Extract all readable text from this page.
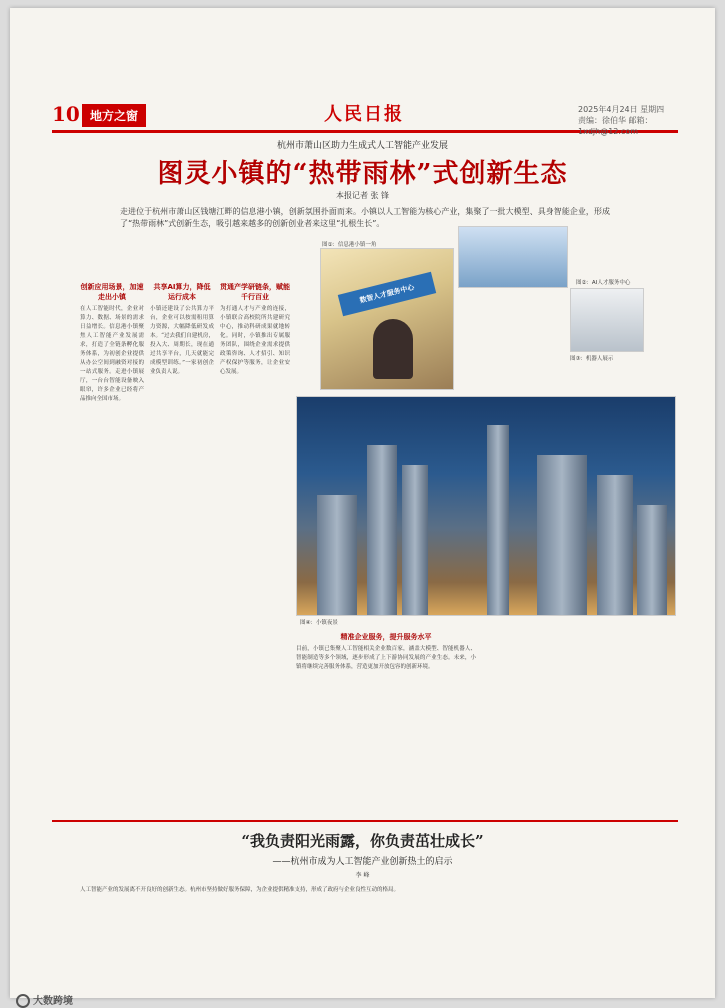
10 地方之窗	人民日报	2025年4月24日 星期四
责编：徐伯华 邮箱：1xdjh@12.com
杭州市萧山区助力生成式人工智能产业发展
图灵小镇的“热带雨林”式创新生态
本报记者 张 锋
走进位于杭州市萧山区钱塘江畔的信息港小镇，创新氛围扑面而来。小镇以人工智能为核心产业，集聚了一批大模型、具身智能企业，形成了“热带雨林”式创新生态，吸引越来越多的创新创业者来这里“扎根生长”。
数智人才服务中心
图①：信息港小镇一角
图②：AI人才服务中心
图③：机器人展示
图④：小镇夜景
创新应用场景，加速走出小镇
在人工智能时代，企业对算力、数据、场景的需求日益增长。信息港小镇聚焦人工智能产业发展需求，打造了全链条孵化服务体系，为初创企业提供从办公空间到融资对接的一站式服务。走进小镇展厅，一台台智能设备映入眼帘，许多企业已经将产品推向全国市场。
共享AI算力，降低运行成本
小镇还建设了公共算力平台，企业可以按需租用算力资源，大幅降低研发成本。“过去我们自建机房，投入大、周期长，现在通过共享平台，几天就能完成模型训练。”一家初创企业负责人说。
贯通产学研链条，赋能千行百业
为打通人才与产业的连接，小镇联合高校院所共建研究中心，推动科研成果就地转化。同时，小镇推出专属服务团队，围绕企业需求提供政策咨询、人才招引、知识产权保护等服务，让企业安心发展。
精准企业服务，提升服务水平
目前，小镇已集聚人工智能相关企业数百家，涵盖大模型、智能机器人、智能制造等多个领域，逐步形成了上下游协同发展的产业生态。未来，小镇将继续完善服务体系，营造更加开放包容的创新环境。
“我负责阳光雨露，你负责茁壮成长”
——杭州市成为人工智能产业创新热土的启示
李 峰
人工智能产业的发展离不开良好的创新生态。杭州市坚持做好服务保障，为企业提供精准支持，形成了政府与企业良性互动的格局。
大数跨境
